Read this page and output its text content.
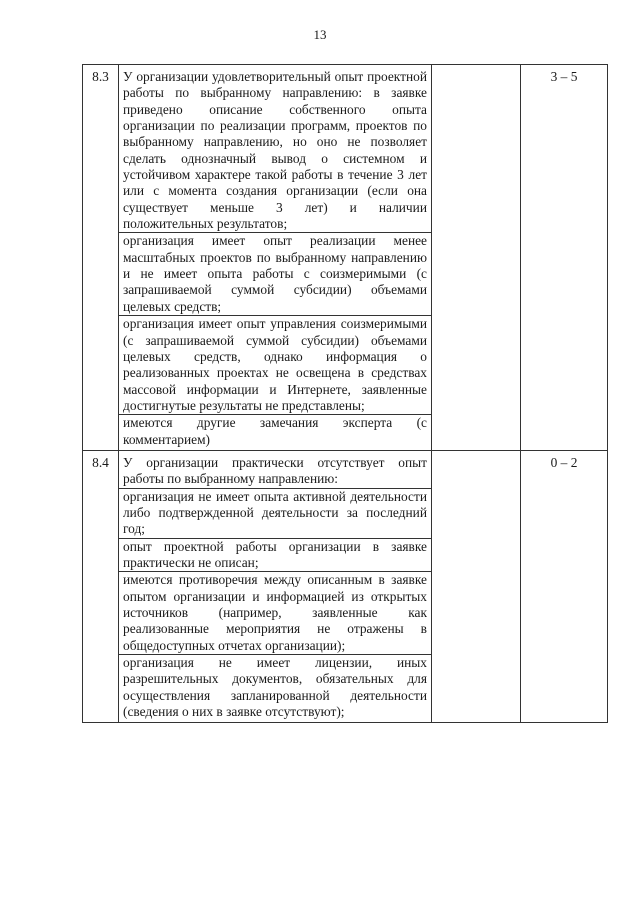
13
8.3	У организации удовлетворительный опыт проектной работы по выбранному направлению: в заявке приведено описание собственного опыта организации по реализации программ, проектов по выбранному направлению, но оно не позволяет сделать однозначный вывод о системном и устойчивом характере такой работы в течение 3 лет или с момента создания организации (если она существует меньше 3 лет) и наличии положительных результатов;
организация имеет опыт реализации менее масштабных проектов по выбранному направлению и не имеет опыта работы с соизмеримыми (с запрашиваемой суммой субсидии) объемами целевых средств;
организация имеет опыт управления соизмеримыми (с запрашиваемой суммой субсидии) объемами целевых средств, однако информация о реализованных проектах не освещена в средствах массовой информации и Интернете, заявленные достигнутые результаты не представлены;
имеются другие замечания эксперта (с комментарием)		3 – 5
8.4	У организации практически отсутствует опыт работы по выбранному направлению:
организация не имеет опыта активной деятельности либо подтвержденной деятельности за последний год;
опыт проектной работы организации в заявке практически не описан;
имеются противоречия между описанным в заявке опытом организации и информацией из открытых источников (например, заявленные как реализованные мероприятия не отражены в общедоступных отчетах организации);
организация не имеет лицензии, иных разрешительных документов, обязательных для осуществления запланированной деятельности (сведения о них в заявке отсутствуют);		0 – 2
